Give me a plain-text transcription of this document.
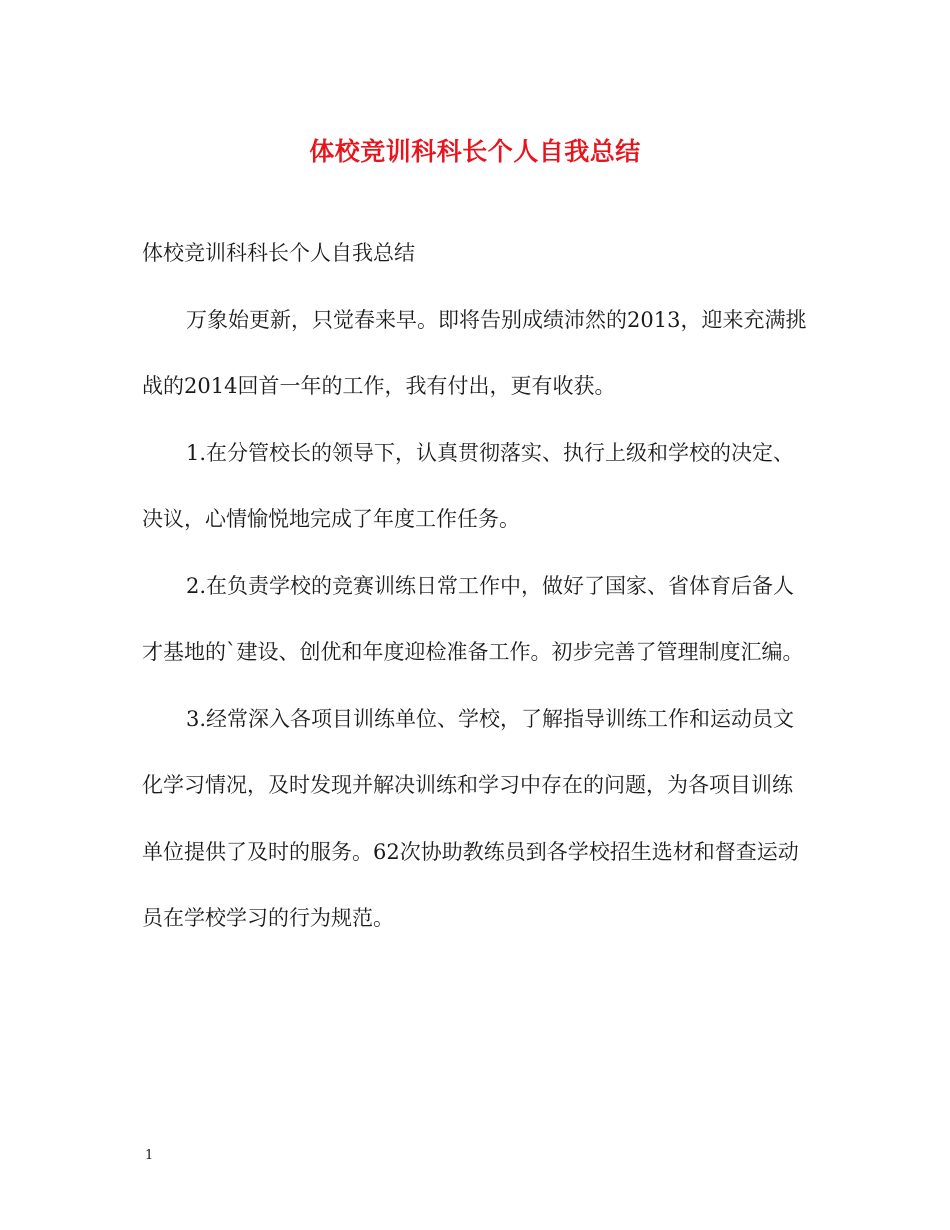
体校竞训科科长个人自我总结

体校竞训科科长个人自我总结

万象始更新，只觉春来早。即将告别成绩沛然的2013，迎来充满挑战的2014回首一年的工作，我有付出，更有收获。

1.在分管校长的领导下，认真贯彻落实、执行上级和学校的决定、决议，心情愉悦地完成了年度工作任务。

2.在负责学校的竞赛训练日常工作中，做好了国家、省体育后备人才基地的`建设、创优和年度迎检准备工作。初步完善了管理制度汇编。

3.经常深入各项目训练单位、学校，了解指导训练工作和运动员文化学习情况，及时发现并解决训练和学习中存在的问题，为各项目训练单位提供了及时的服务。62次协助教练员到各学校招生选材和督查运动员在学校学习的行为规范。

1
